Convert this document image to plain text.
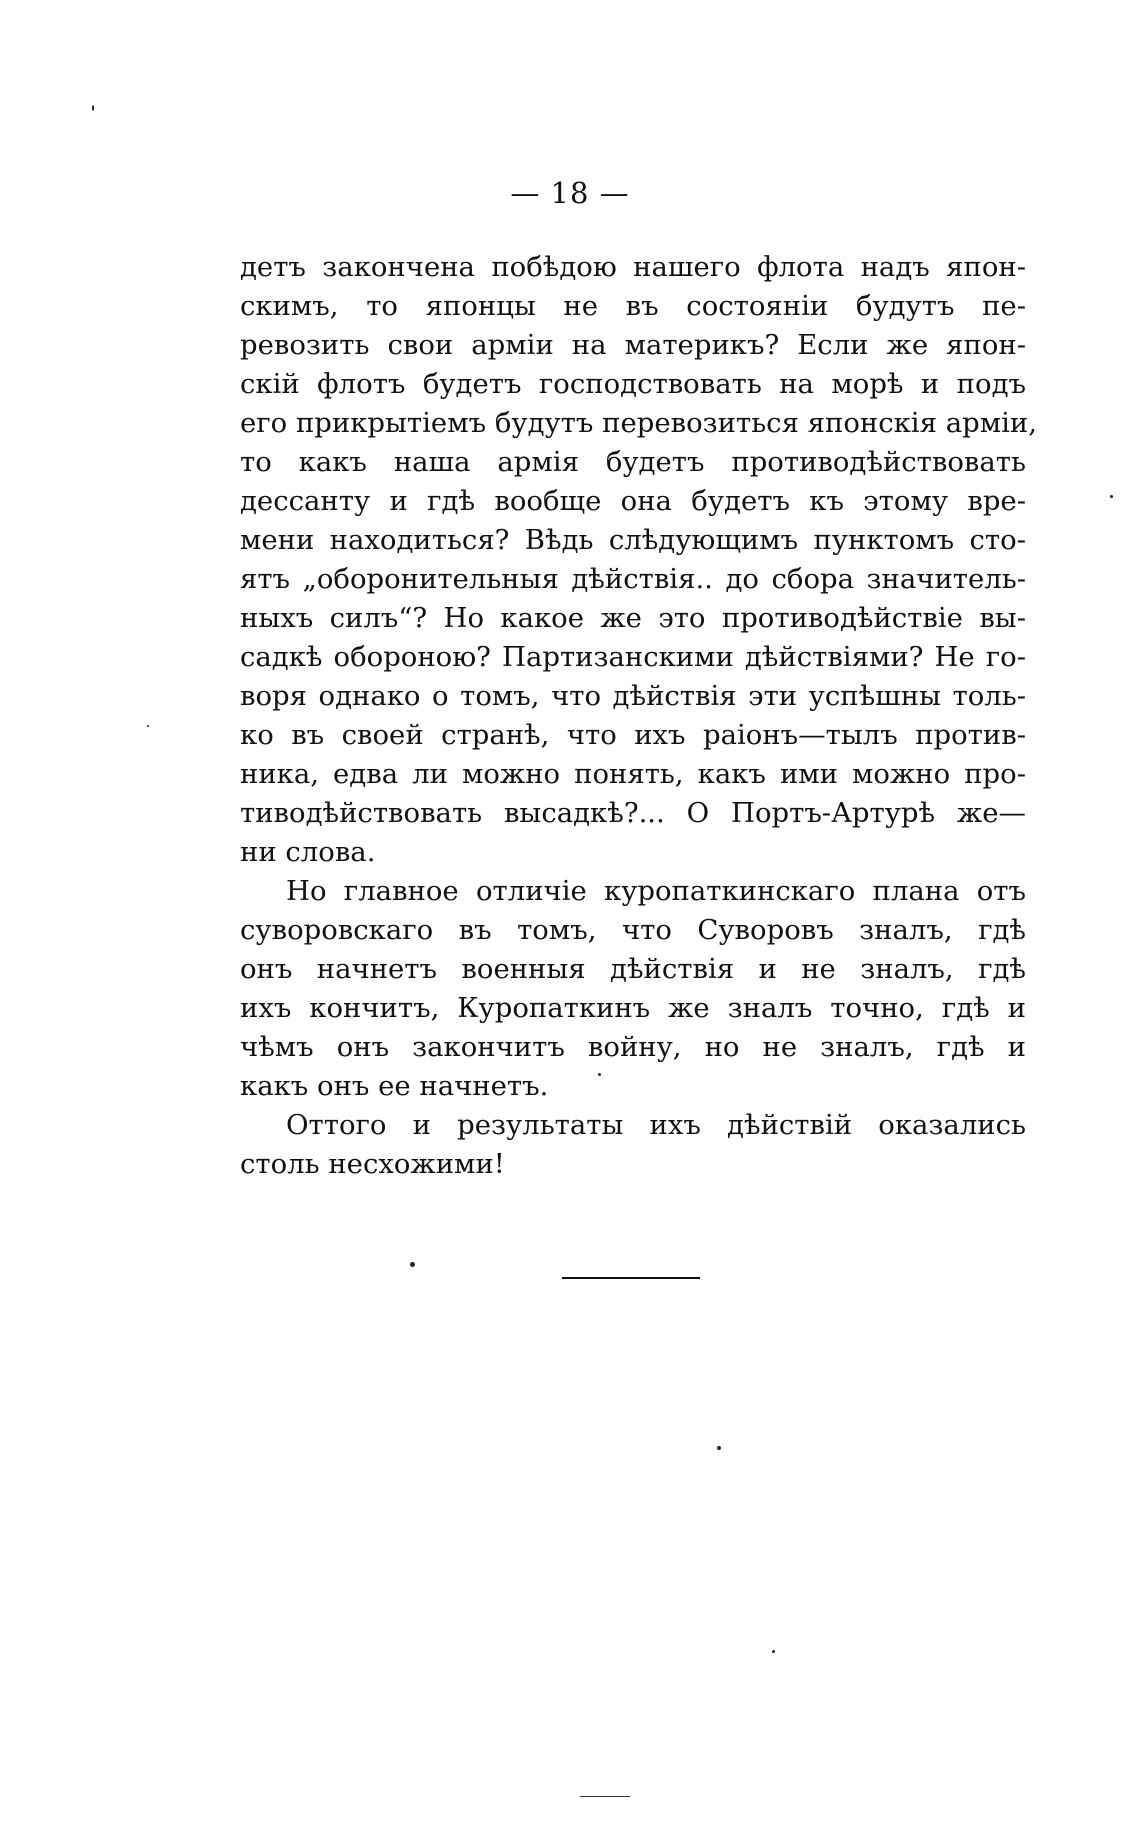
— 18 —
детъ закончена побѣдою нашего флота надъ япон-
скимъ, то японцы не въ состояніи будутъ пе-
ревозить свои арміи на материкъ? Если же япон-
скій флотъ будетъ господствовать на морѣ и подъ
его прикрытіемъ будутъ перевозиться японскія арміи,
то какъ наша армія будетъ противодѣйствовать
дессанту и гдѣ вообще она будетъ къ этому вре-
мени находиться? Вѣдь слѣдующимъ пунктомъ сто-
ятъ „оборонительныя дѣйствія.. до сбора значитель-
ныхъ силъ“? Но какое же это противодѣйствіе вы-
садкѣ обороною? Партизанскими дѣйствіями? Не го-
воря однако о томъ, что дѣйствія эти успѣшны толь-
ко въ своей странѣ, что ихъ раіонъ—тылъ против-
ника, едва ли можно понять, какъ ими можно про-
тиводѣйствовать высадкѣ?... О Портъ-Артурѣ же—
ни слова.
Но главное отличіе куропаткинскаго плана отъ
суворовскаго въ томъ, что Суворовъ зналъ, гдѣ
онъ начнетъ военныя дѣйствія и не зналъ, гдѣ
ихъ кончитъ, Куропаткинъ же зналъ точно, гдѣ и
чѣмъ онъ закончитъ войну, но не зналъ, гдѣ и
какъ онъ ее начнетъ.
Оттого и результаты ихъ дѣйствій оказались
столь несхожими!
